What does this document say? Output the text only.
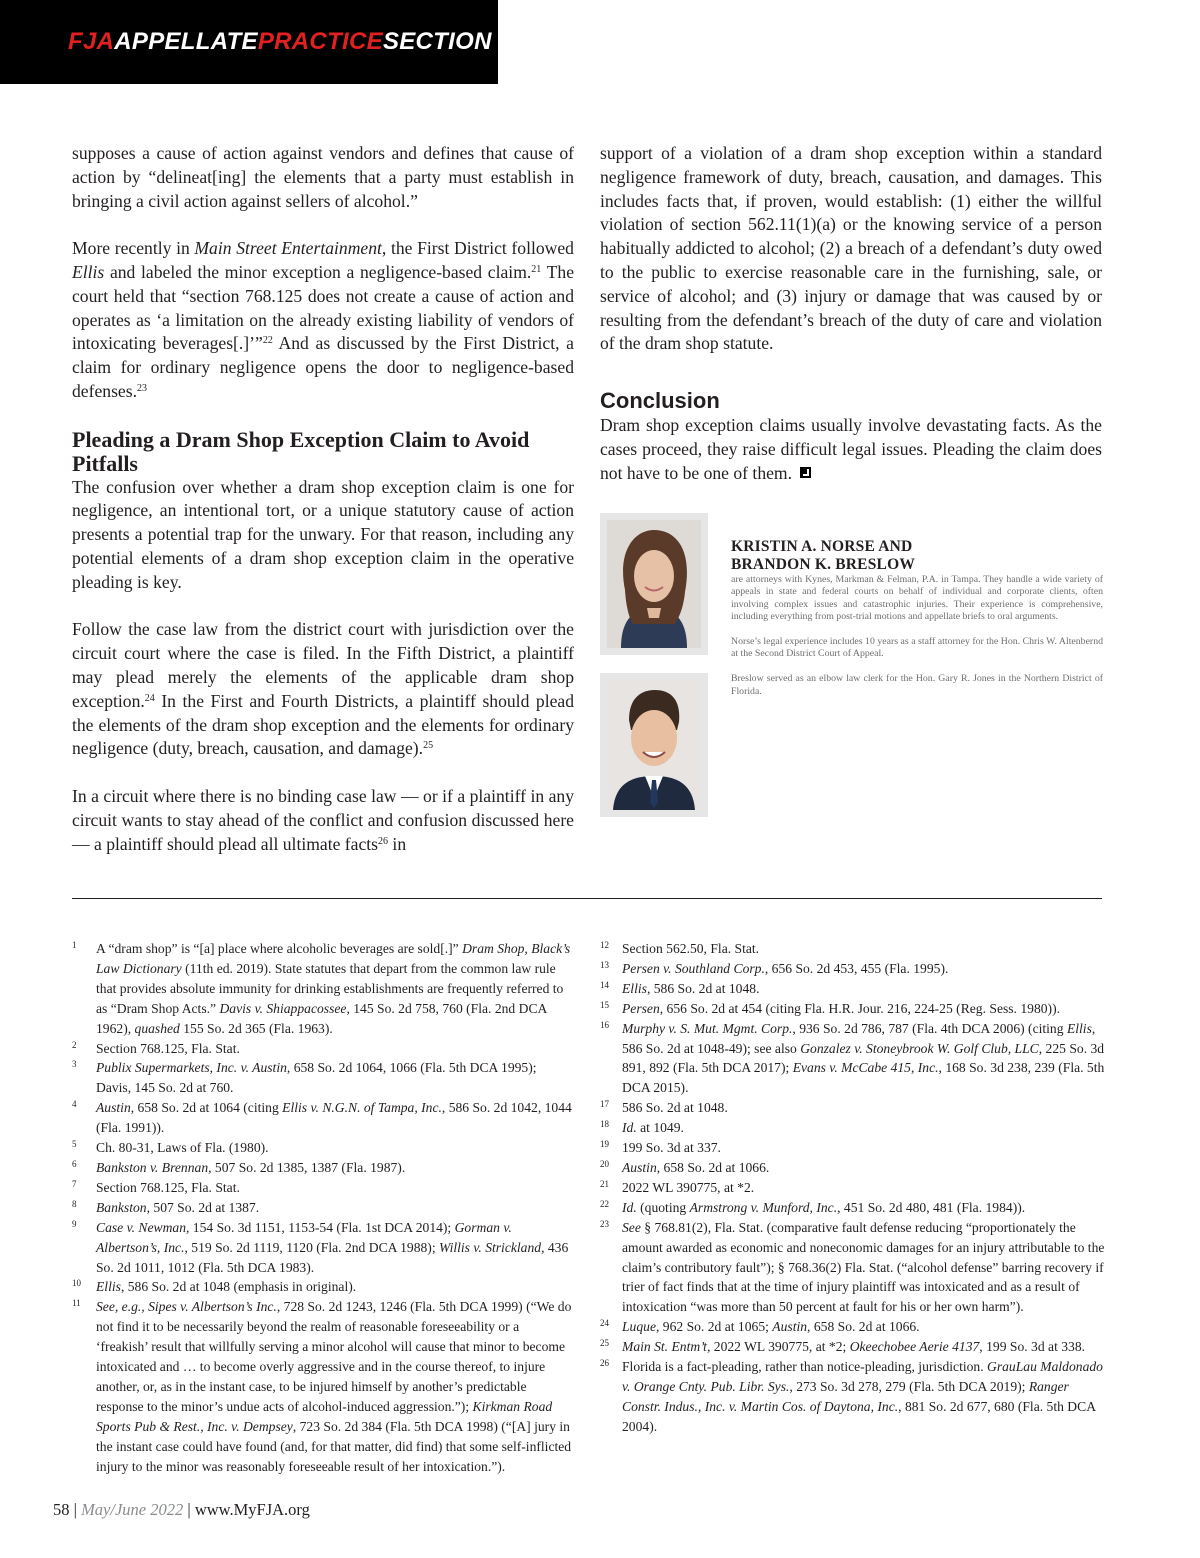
FJAAPPELLATEPRACTICESECTION

supposes a cause of action against vendors and defines that cause of action by “delineat[ing] the elements that a party must establish in bringing a civil action against sellers of alcohol.”

More recently in Main Street Entertainment, the First District followed Ellis and labeled the minor exception a negligence-based claim.$^{21}$ The court held that “section 768.125 does not create a cause of action and operates as ‘a limitation on the already existing liability of vendors of intoxicating beverages[.]’”$^{22}$ And as discussed by the First District, a claim for ordinary negligence opens the door to negligence-based defenses.$^{23}$

Pleading a Dram Shop Exception Claim to Avoid Pitfalls

The confusion over whether a dram shop exception claim is one for negligence, an intentional tort, or a unique statutory cause of action presents a potential trap for the unwary. For that reason, including any potential elements of a dram shop exception claim in the operative pleading is key.

Follow the case law from the district court with jurisdiction over the circuit court where the case is filed. In the Fifth District, a plaintiff may plead merely the elements of the applicable dram shop exception.$^{24}$ In the First and Fourth Districts, a plaintiff should plead the elements of the dram shop exception and the elements for ordinary negligence (duty, breach, causation, and damage).$^{25}$

In a circuit where there is no binding case law — or if a plaintiff in any circuit wants to stay ahead of the conflict and confusion discussed here — a plaintiff should plead all ultimate facts$^{26}$ in

support of a violation of a dram shop exception within a standard negligence framework of duty, breach, causation, and damages. This includes facts that, if proven, would establish: (1) either the willful violation of section 562.11(1)(a) or the knowing service of a person habitually addicted to alcohol; (2) a breach of a defendant’s duty owed to the public to exercise reasonable care in the furnishing, sale, or service of alcohol; and (3) injury or damage that was caused by or resulting from the defendant’s breach of the duty of care and violation of the dram shop statute.

Conclusion

Dram shop exception claims usually involve devastating facts. As the cases proceed, they raise difficult legal issues. Pleading the claim does not have to be one of them.

KRISTIN A. NORSE AND
BRANDON K. BRESLOW

are attorneys with Kynes, Markman & Felman, P.A. in Tampa. They handle a wide variety of appeals in state and federal courts on behalf of individual and corporate clients, often involving complex issues and catastrophic injuries. Their experience is comprehensive, including everything from post-trial motions and appellate briefs to oral arguments.

Norse’s legal experience includes 10 years as a staff attorney for the Hon. Chris W. Altenbernd at the Second District Court of Appeal.

Breslow served as an elbow law clerk for the Hon. Gary R. Jones in the Northern District of Florida.

1 A “dram shop” is “[a] place where alcoholic beverages are sold[.]” Dram Shop, Black’s Law Dictionary (11th ed. 2019). State statutes that depart from the common law rule that provides absolute immunity for drinking establishments are frequently referred to as “Dram Shop Acts.” Davis v. Shiappacossee, 145 So. 2d 758, 760 (Fla. 2nd DCA 1962), quashed 155 So. 2d 365 (Fla. 1963).
2 Section 768.125, Fla. Stat.
3 Publix Supermarkets, Inc. v. Austin, 658 So. 2d 1064, 1066 (Fla. 5th DCA 1995); Davis, 145 So. 2d at 760.
4 Austin, 658 So. 2d at 1064 (citing Ellis v. N.G.N. of Tampa, Inc., 586 So. 2d 1042, 1044 (Fla. 1991)).
5 Ch. 80-31, Laws of Fla. (1980).
6 Bankston v. Brennan, 507 So. 2d 1385, 1387 (Fla. 1987).
7 Section 768.125, Fla. Stat.
8 Bankston, 507 So. 2d at 1387.
9 Case v. Newman, 154 So. 3d 1151, 1153-54 (Fla. 1st DCA 2014); Gorman v. Albertson’s, Inc., 519 So. 2d 1119, 1120 (Fla. 2nd DCA 1988); Willis v. Strickland, 436 So. 2d 1011, 1012 (Fla. 5th DCA 1983).
10 Ellis, 586 So. 2d at 1048 (emphasis in original).
11 See, e.g., Sipes v. Albertson’s Inc., 728 So. 2d 1243, 1246 (Fla. 5th DCA 1999) (“We do not find it to be necessarily beyond the realm of reasonable foreseeability or a ‘freakish’ result that willfully serving a minor alcohol will cause that minor to become intoxicated and … to become overly aggressive and in the course thereof, to injure another, or, as in the instant case, to be injured himself by another’s predictable response to the minor’s undue acts of alcohol-induced aggression.”); Kirkman Road Sports Pub & Rest., Inc. v. Dempsey, 723 So. 2d 384 (Fla. 5th DCA 1998) (“[A] jury in the instant case could have found (and, for that matter, did find) that some self-inflicted injury to the minor was reasonably foreseeable result of her intoxication.”).
12 Section 562.50, Fla. Stat.
13 Persen v. Southland Corp., 656 So. 2d 453, 455 (Fla. 1995).
14 Ellis, 586 So. 2d at 1048.
15 Persen, 656 So. 2d at 454 (citing Fla. H.R. Jour. 216, 224-25 (Reg. Sess. 1980)).
16 Murphy v. S. Mut. Mgmt. Corp., 936 So. 2d 786, 787 (Fla. 4th DCA 2006) (citing Ellis, 586 So. 2d at 1048-49); see also Gonzalez v. Stoneybrook W. Golf Club, LLC, 225 So. 3d 891, 892 (Fla. 5th DCA 2017); Evans v. McCabe 415, Inc., 168 So. 3d 238, 239 (Fla. 5th DCA 2015).
17 586 So. 2d at 1048.
18 Id. at 1049.
19 199 So. 3d at 337.
20 Austin, 658 So. 2d at 1066.
21 2022 WL 390775, at *2.
22 Id. (quoting Armstrong v. Munford, Inc., 451 So. 2d 480, 481 (Fla. 1984)).
23 See § 768.81(2), Fla. Stat. (comparative fault defense reducing “proportionately the amount awarded as economic and noneconomic damages for an injury attributable to the claim’s contributory fault”); § 768.36(2) Fla. Stat. (“alcohol defense” barring recovery if trier of fact finds that at the time of injury plaintiff was intoxicated and as a result of intoxication “was more than 50 percent at fault for his or her own harm”).
24 Luque, 962 So. 2d at 1065; Austin, 658 So. 2d at 1066.
25 Main St. Entm’t, 2022 WL 390775, at *2; Okeechobee Aerie 4137, 199 So. 3d at 338.
26 Florida is a fact-pleading, rather than notice-pleading, jurisdiction. GrauLau Maldonado v. Orange Cnty. Pub. Libr. Sys., 273 So. 3d 278, 279 (Fla. 5th DCA 2019); Ranger Constr. Indus., Inc. v. Martin Cos. of Daytona, Inc., 881 So. 2d 677, 680 (Fla. 5th DCA 2004).
58 | May/June 2022 | www.MyFJA.org
